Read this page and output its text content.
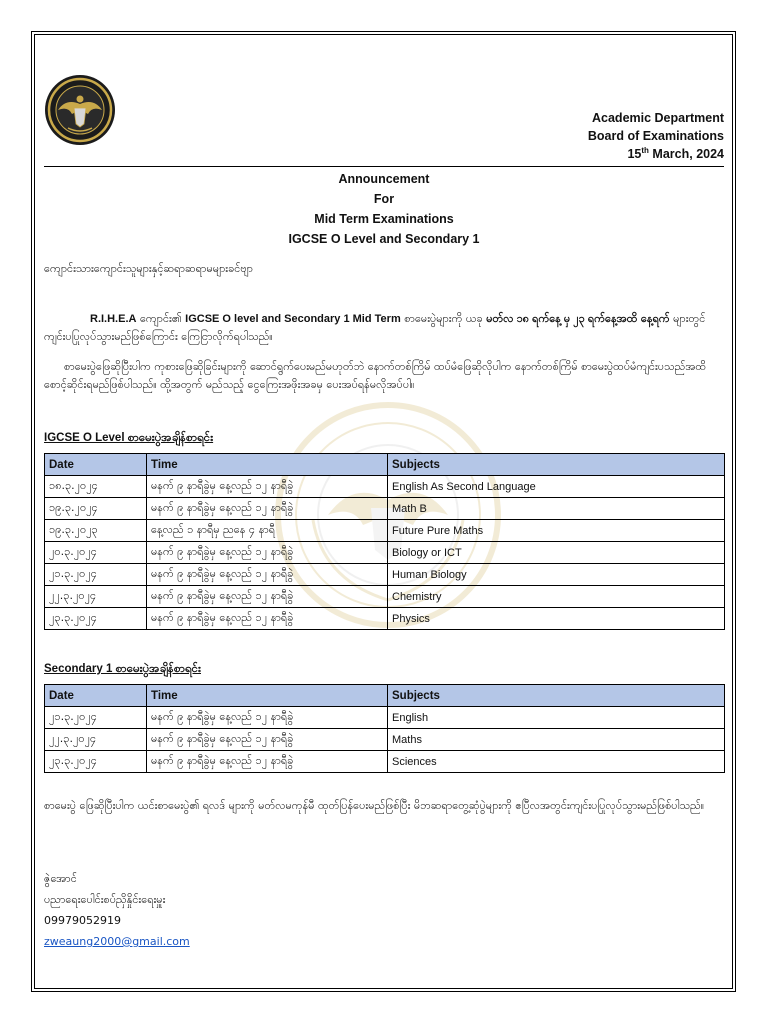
Academic Department
Board of Examinations
15th March, 2024
Announcement
For
Mid Term Examinations
IGCSE O Level and Secondary 1
ကျောင်းသားကျောင်းသူများနှင့်ဆရာဆရာမများခင်ဗျာ
R.I.H.E.A ကျောင်း၏ IGCSE O level and Secondary 1 Mid Term စာမေးပွဲများကို ယခု မတ်လ ၁၈ ရက်နေ့ မှ ၂၃ ရက်နေ့အထိ နေ့ရက် များတွင် ကျင်းပပြုလုပ်သွားမည်ဖြစ်ကြောင်း ကြေငြာလိုက်ရပါသည်။
စာမေးပွဲဖြေဆိုပြီးပါက ကုစားဖြေဆိုခြင်းများကို ဆောင်ရွက်ပေးမည်မဟုတ်ဘဲ နောက်တစ်ကြိမ် ထပ်မံဖြေဆိုလိုပါက နောက်တစ်ကြိမ် စာမေးပွဲထပ်မံကျင်းပသည်အထိ စောင့်ဆိုင်းရမည်ဖြစ်ပါသည်။ ထို့အတွက် မည်သည့် ငွေကြေးအဖိုးအခမှ ပေးအပ်ရန်မလိုအပ်ပါ။
IGCSE O Level စာမေးပွဲအချိန်စာရင်း
Date	Time	Subjects
၁၈.၃.၂၀၂၄	မနက် ၉ နာရီခွဲမှ နေ့လည် ၁၂ နာရီခွဲ	English As Second Language
၁၉.၃.၂၀၂၄	မနက် ၉ နာရီခွဲမှ နေ့လည် ၁၂ နာရီခွဲ	Math B
၁၉.၃.၂၀၂၃	နေ့လည် ၁ နာရီမှ ညနေ ၄ နာရီ	Future Pure Maths
၂၀.၃.၂၀၂၄	မနက် ၉ နာရီခွဲမှ နေ့လည် ၁၂ နာရီခွဲ	Biology or ICT
၂၁.၃.၂၀၂၄	မနက် ၉ နာရီခွဲမှ နေ့လည် ၁၂ နာရီခွဲ	Human Biology
၂၂.၃.၂၀၂၄	မနက် ၉ နာရီခွဲမှ နေ့လည် ၁၂ နာရီခွဲ	Chemistry
၂၃.၃.၂၀၂၄	မနက် ၉ နာရီခွဲမှ နေ့လည် ၁၂ နာရီခွဲ	Physics
Secondary 1 စာမေးပွဲအချိန်စာရင်း
Date	Time	Subjects
၂၁.၃.၂၀၂၄	မနက် ၉ နာရီခွဲမှ နေ့လည် ၁၂ နာရီခွဲ	English
၂၂.၃.၂၀၂၄	မနက် ၉ နာရီခွဲမှ နေ့လည် ၁၂ နာရီခွဲ	Maths
၂၃.၃.၂၀၂၄	မနက် ၉ နာရီခွဲမှ နေ့လည် ၁၂ နာရီခွဲ	Sciences
စာမေးပွဲ ဖြေဆိုပြီးပါက ယင်းစာမေးပွဲ၏ ရလဒ် များကို မတ်လမကုန်မီ ထုတ်ပြန်ပေးမည်ဖြစ်ပြီး မိဘဆရာတွေ့ဆုံပွဲများကို ဧပြီလအတွင်းကျင်းပပြုလုပ်သွားမည်ဖြစ်ပါသည်။
ဇွဲအောင်
ပညာရေးပေါင်းစပ်ညှိနှိုင်းရေးမှူး
09979052919
zweaung2000@gmail.com
